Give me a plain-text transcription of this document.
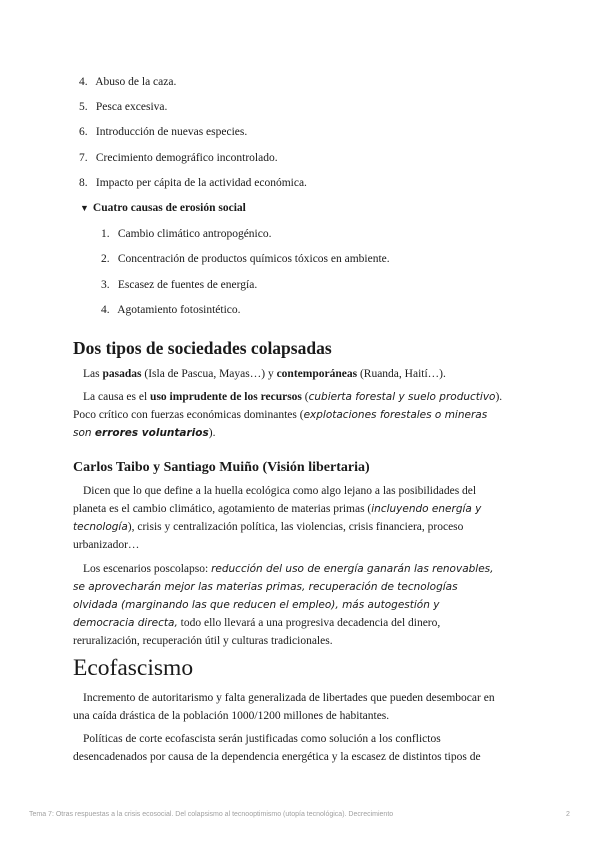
4. Abuso de la caza.
5. Pesca excesiva.
6. Introducción de nuevas especies.
7. Crecimiento demográfico incontrolado.
8. Impacto per cápita de la actividad económica.
▼ Cuatro causas de erosión social
1. Cambio climático antropogénico.
2. Concentración de productos químicos tóxicos en ambiente.
3. Escasez de fuentes de energía.
4. Agotamiento fotosintético.
Dos tipos de sociedades colapsadas
Las pasadas (Isla de Pascua, Mayas…) y contemporáneas (Ruanda, Haití…).
La causa es el uso imprudente de los recursos (cubierta forestal y suelo productivo). Poco crítico con fuerzas económicas dominantes (explotaciones forestales o mineras son errores voluntarios).
Carlos Taibo y Santiago Muiño (Visión libertaria)
Dicen que lo que define a la huella ecológica como algo lejano a las posibilidades del planeta es el cambio climático, agotamiento de materias primas (incluyendo energía y tecnología), crisis y centralización política, las violencias, crisis financiera, proceso urbanizador…
Los escenarios poscolapso: reducción del uso de energía ganarán las renovables, se aprovecharán mejor las materias primas, recuperación de tecnologías olvidada (marginando las que reducen el empleo), más autogestión y democracia directa, todo ello llevará a una progresiva decadencia del dinero, reruralización, recuperación útil y culturas tradicionales.
Ecofascismo
Incremento de autoritarismo y falta generalizada de libertades que pueden desembocar en una caída drástica de la población 1000/1200 millones de habitantes.
Políticas de corte ecofascista serán justificadas como solución a los conflictos desencadenados por causa de la dependencia energética y la escasez de distintos tipos de
Tema 7: Otras respuestas a la crisis ecosocial. Del colapsismo al tecnooptimismo (utopía tecnológica). Decrecimiento	2
